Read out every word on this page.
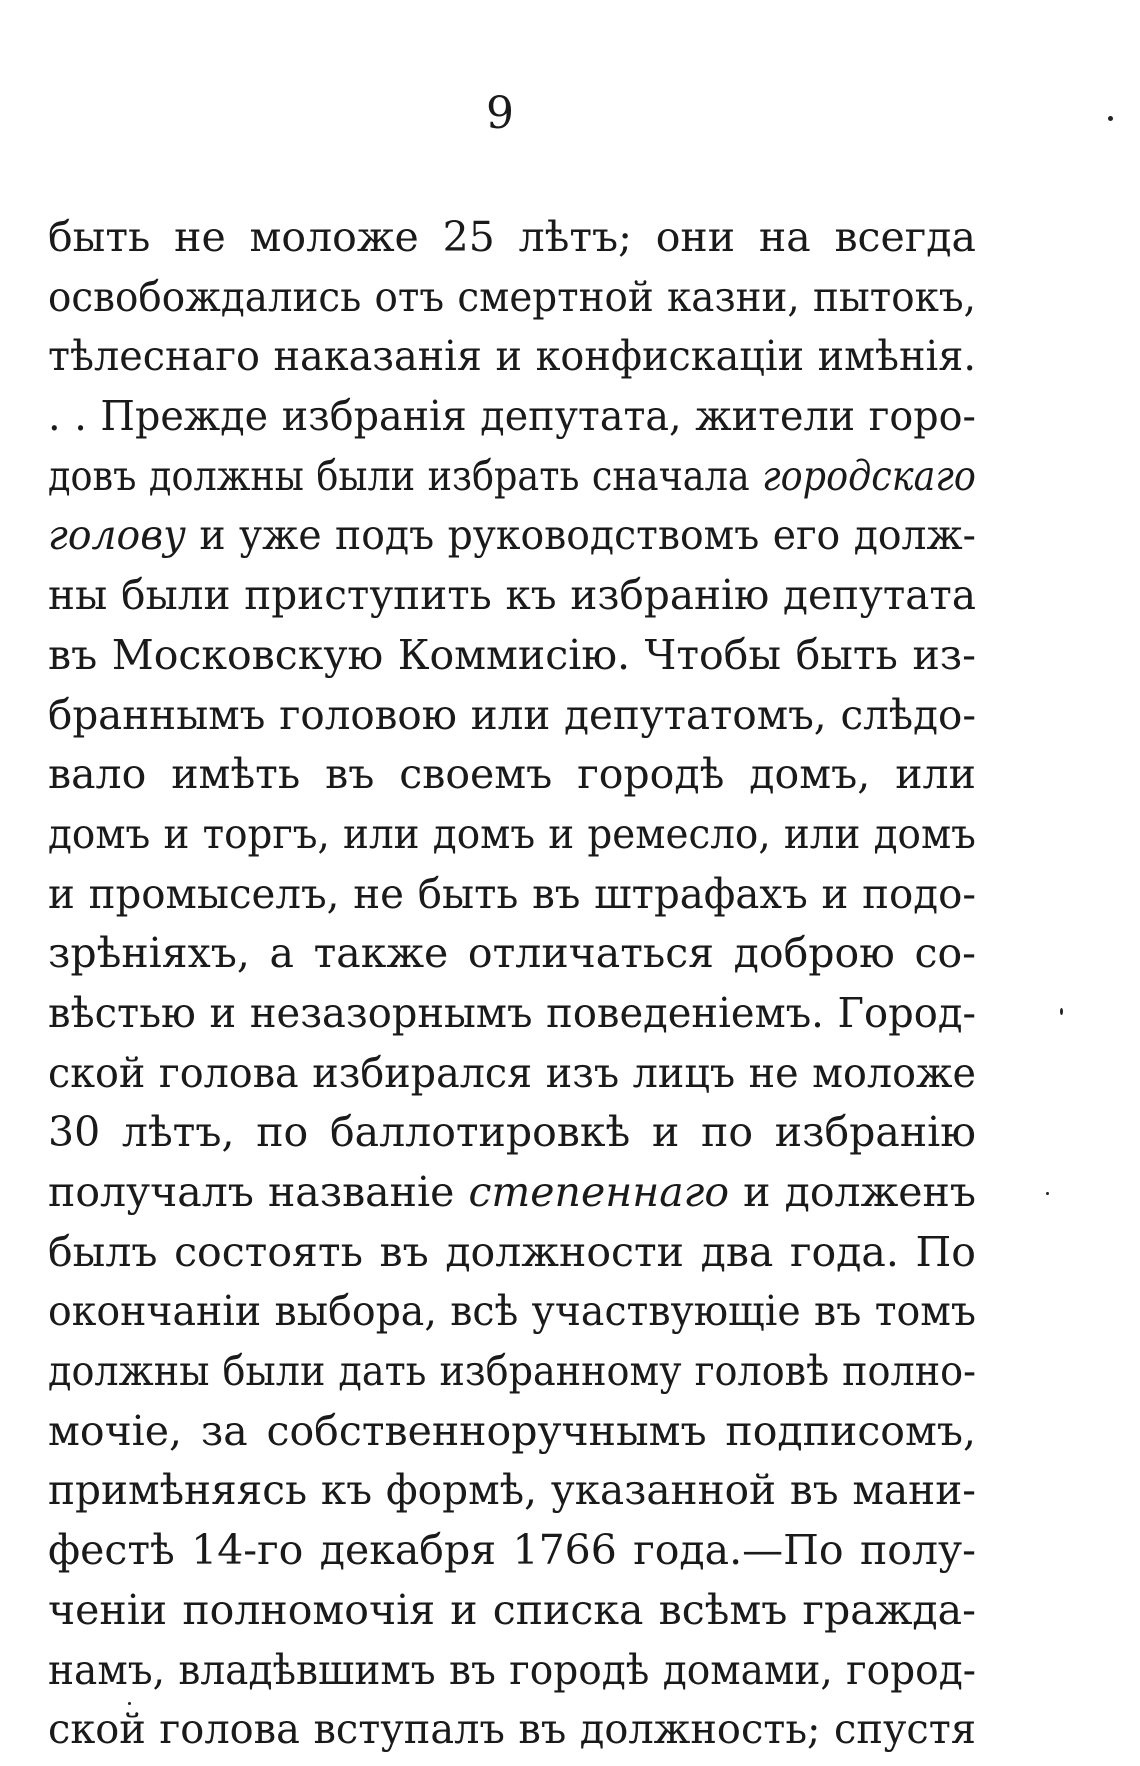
9
быть не моложе 25 лѣтъ; они на всегда
освобождались отъ смертной казни, пытокъ,
тѣлеснаго наказанія и конфискаціи имѣнія.
. . Прежде избранія депутата, жители горо-
довъ должны были избрать сначала городскаго
голову и уже подъ руководствомъ его долж-
ны были приступить къ избранію депутата
въ Московскую Коммисію. Чтобы быть из-
браннымъ головою или депутатомъ, слѣдо-
вало имѣть въ своемъ городѣ домъ, или
домъ и торгъ, или домъ и ремесло, или домъ
и промыселъ, не быть въ штрафахъ и подо-
зрѣніяхъ, а также отличаться доброю со-
вѣстью и незазорнымъ поведеніемъ. Город-
ской голова избирался изъ лицъ не моложе
30 лѣтъ, по баллотировкѣ и по избранію
получалъ названіе степеннаго и долженъ
былъ состоять въ должности два года. По
окончаніи выбора, всѣ участвующіе въ томъ
должны были дать избранному головѣ полно-
мочіе, за собственноручнымъ подписомъ,
примѣняясь къ формѣ, указанной въ мани-
фестѣ 14-го декабря 1766 года.—По полу-
ченіи полномочія и списка всѣмъ гражда-
намъ, владѣвшимъ въ городѣ домами, город-
ской голова вступалъ въ должность; спустя
